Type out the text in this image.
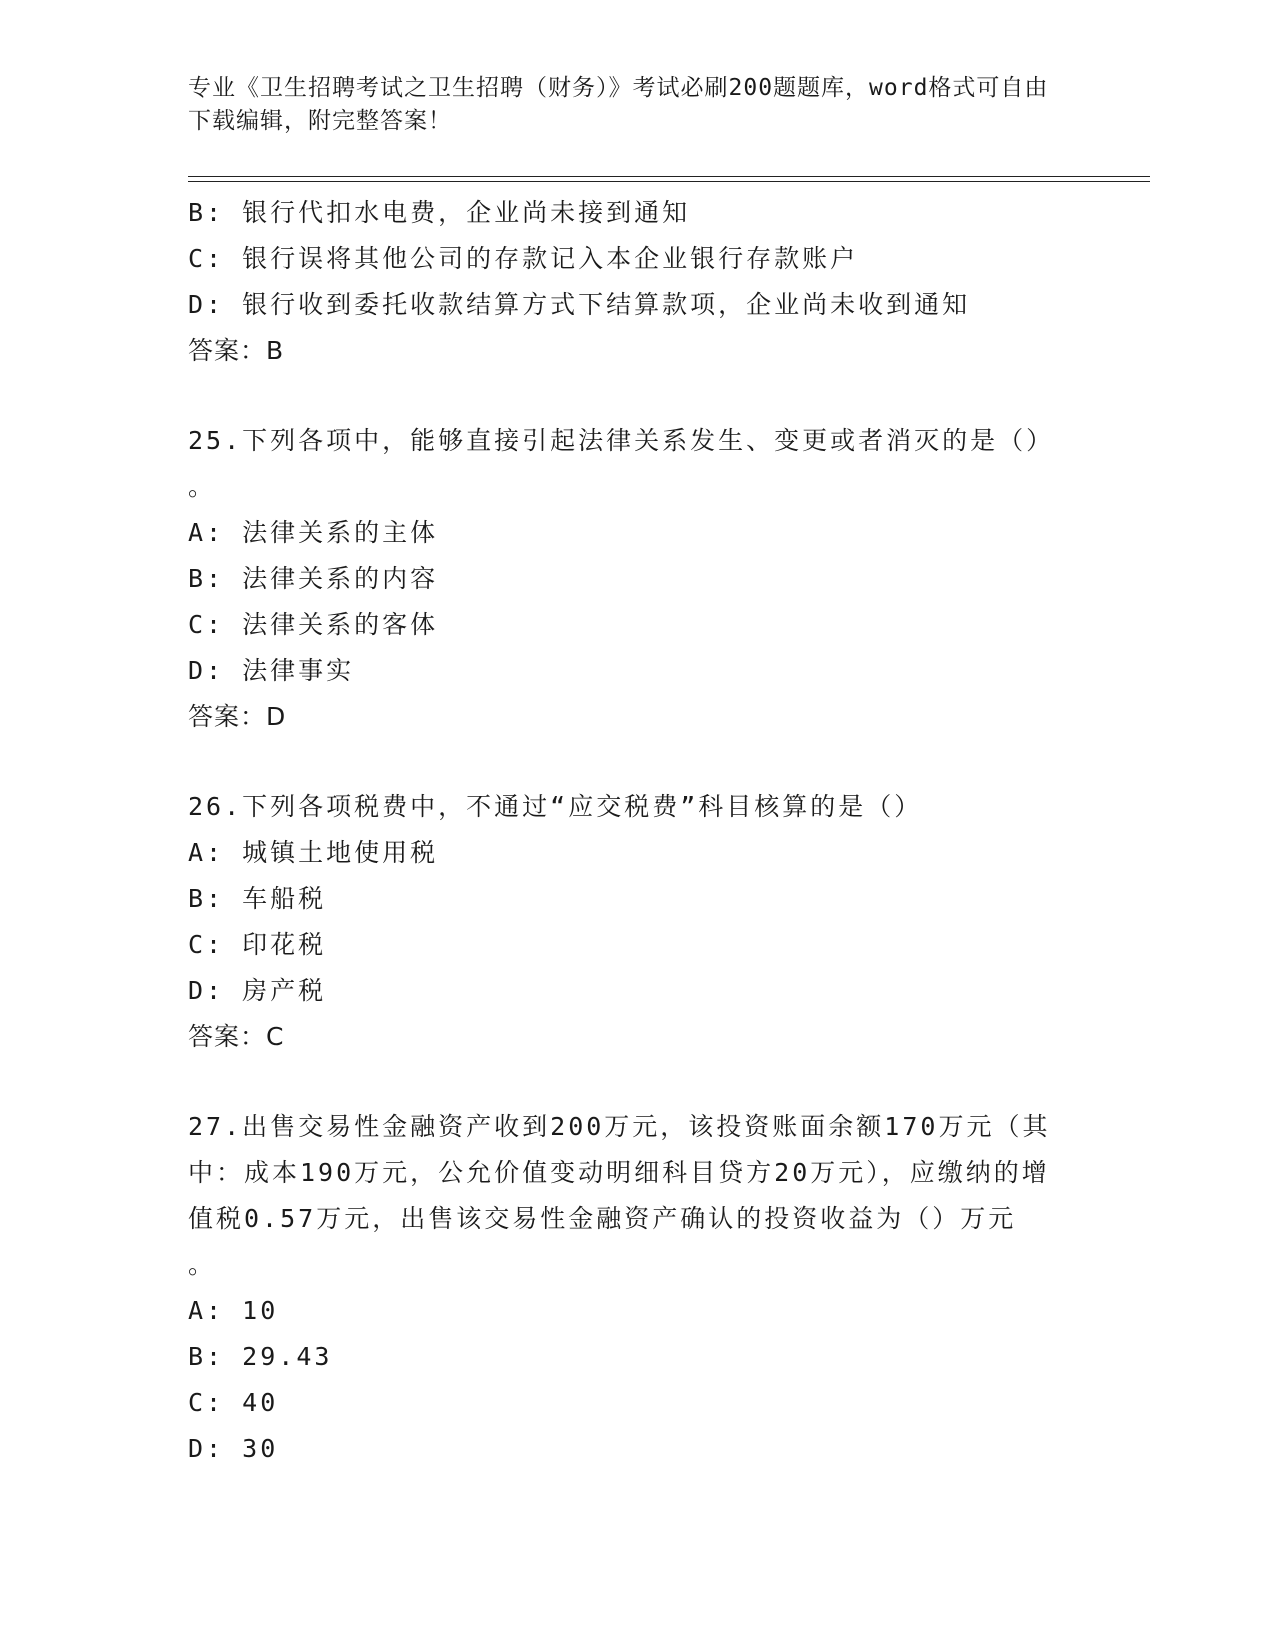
专业《卫生招聘考试之卫生招聘（财务）》考试必刷200题题库，word格式可自由下载编辑，附完整答案！
B: 银行代扣水电费，企业尚未接到通知
C: 银行误将其他公司的存款记入本企业银行存款账户
D: 银行收到委托收款结算方式下结算款项，企业尚未收到通知
答案：B
25.下列各项中，能够直接引起法律关系发生、变更或者消灭的是（）
。
A: 法律关系的主体
B: 法律关系的内容
C: 法律关系的客体
D: 法律事实
答案：D
26.下列各项税费中，不通过“应交税费”科目核算的是（）
A: 城镇土地使用税
B: 车船税
C: 印花税
D: 房产税
答案：C
27.出售交易性金融资产收到200万元，该投资账面余额170万元（其中：成本190万元，公允价值变动明细科目贷方20万元），应缴纳的增值税0.57万元，出售该交易性金融资产确认的投资收益为（）万元
。
A: 10
B: 29.43
C: 40
D: 30
